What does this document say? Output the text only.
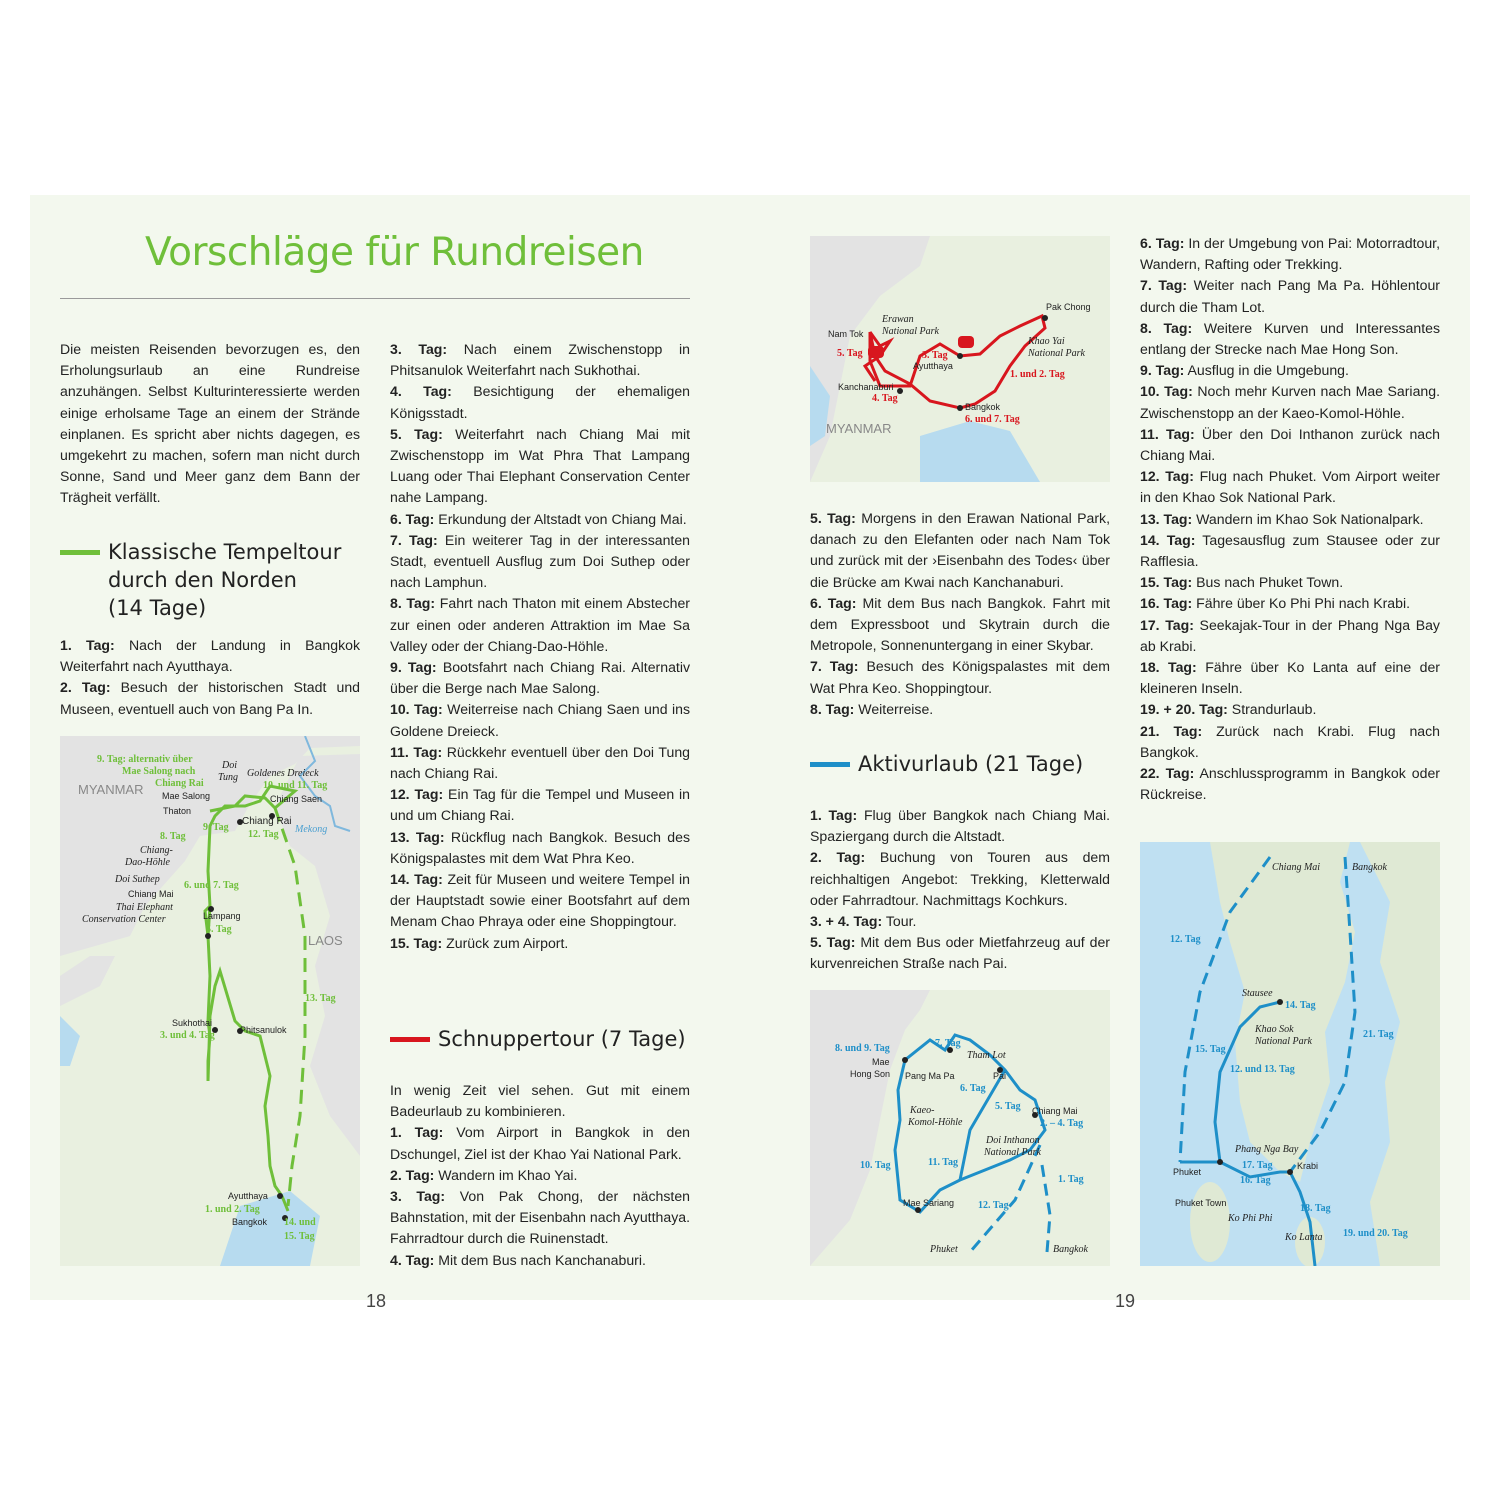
Vorschläge für Rundreisen

Die meisten Reisenden bevorzugen es, den Erholungsurlaub an eine Rundreise anzuhängen. Selbst Kulturinteressierte werden einige erholsame Tage an einem der Strände einplanen. Es spricht aber nichts dagegen, es umgekehrt zu machen, sofern man nicht durch Sonne, Sand und Meer ganz dem Bann der Trägheit verfällt.

Klassische Tempeltour
durch den Norden
(14 Tage)

1. Tag: Nach der Landung in Bangkok Weiterfahrt nach Ayutthaya.

2. Tag: Besuch der historischen Stadt und Museen, eventuell auch von Bang Pa In.

3. Tag: Nach einem Zwischenstopp in Phitsanulok Weiterfahrt nach Sukhothai.

4. Tag: Besichtigung der ehemaligen Königsstadt.

5. Tag: Weiterfahrt nach Chiang Mai mit Zwischenstopp im Wat Phra That Lampang Luang oder Thai Elephant Conservation Center nahe Lampang.

6. Tag: Erkundung der Altstadt von Chiang Mai.

7. Tag: Ein weiterer Tag in der interessanten Stadt, eventuell Ausflug zum Doi Suthep oder nach Lamphun.

8. Tag: Fahrt nach Thaton mit einem Abstecher zur einen oder anderen Attraktion im Mae Sa Valley oder der Chiang-Dao-Höhle.

9. Tag: Bootsfahrt nach Chiang Rai. Alternativ über die Berge nach Mae Salong.

10. Tag: Weiterreise nach Chiang Saen und ins Goldene Dreieck.

11. Tag: Rückkehr eventuell über den Doi Tung nach Chiang Rai.

12. Tag: Ein Tag für die Tempel und Museen in und um Chiang Rai.

13. Tag: Rückflug nach Bangkok. Besuch des Königspalastes mit dem Wat Phra Keo.

14. Tag: Zeit für Museen und weitere Tempel in der Hauptstadt sowie einer Bootsfahrt auf dem Menam Chao Phraya oder eine Shoppingtour.

15. Tag: Zurück zum Airport.

Schnuppertour (7 Tage)

In wenig Zeit viel sehen. Gut mit einem Badeurlaub zu kombinieren.

1. Tag: Vom Airport in Bangkok in den Dschungel, Ziel ist der Khao Yai National Park.

2. Tag: Wandern im Khao Yai.

3. Tag: Von Pak Chong, der nächsten Bahnstation, mit der Eisenbahn nach Ayutthaya. Fahrradtour durch die Ruinenstadt.

4. Tag: Mit dem Bus nach Kanchanaburi.

5. Tag: Morgens in den Erawan National Park, danach zu den Elefanten oder nach Nam Tok und zurück mit der ›Eisenbahn des Todes‹ über die Brücke am Kwai nach Kanchanaburi.

6. Tag: Mit dem Bus nach Bangkok. Fahrt mit dem Expressboot und Skytrain durch die Metropole, Sonnenuntergang in einer Skybar.

7. Tag: Besuch des Königspalastes mit dem Wat Phra Keo. Shoppingtour.

8. Tag: Weiterreise.

Aktivurlaub (21 Tage)

1. Tag: Flug über Bangkok nach Chiang Mai. Spaziergang durch die Altstadt.

2. Tag: Buchung von Touren aus dem reichhaltigen Angebot: Trekking, Kletterwald oder Fahrradtour. Nachmittags Kochkurs.

3. + 4. Tag: Tour.

5. Tag: Mit dem Bus oder Mietfahrzeug auf der kurvenreichen Straße nach Pai.

6. Tag: In der Umgebung von Pai: Motorradtour, Wandern, Rafting oder Trekking.

7. Tag: Weiter nach Pang Ma Pa. Höhlentour durch die Tham Lot.

8. Tag: Weitere Kurven und Interessantes entlang der Strecke nach Mae Hong Son.

9. Tag: Ausflug in die Umgebung.

10. Tag: Noch mehr Kurven nach Mae Sariang. Zwischenstopp an der Kaeo-Komol-Höhle.

11. Tag: Über den Doi Inthanon zurück nach Chiang Mai.

12. Tag: Flug nach Phuket. Vom Airport weiter in den Khao Sok National Park.

13. Tag: Wandern im Khao Sok Nationalpark.

14. Tag: Tagesausflug zum Stausee oder zur Rafflesia.

15. Tag: Bus nach Phuket Town.

16. Tag: Fähre über Ko Phi Phi nach Krabi.

17. Tag: Seekajak-Tour in der Phang Nga Bay ab Krabi.

18. Tag: Fähre über Ko Lanta auf eine der kleineren Inseln.

19. + 20. Tag: Strandurlaub.

21. Tag: Zurück nach Krabi. Flug nach Bangkok.

22. Tag: Anschlussprogramm in Bangkok oder Rückreise.

9. Tag: alternativ über
Mae Salong nach
Chiang Rai
Doi
Tung Goldenes Dreieck
10. und 11. Tag
MYANMAR Mae Salong	Chiang Saen
Thaton
9. Tag
Chiang Rai
12. Tag Mekong
8. Tag
Chiang-
Dao-Höhle
Doi Suthep
6. und 7. Tag
Chiang Mai
Thai Elephant
Conservation Center	Lampang
5. Tag
LAOS
13. Tag
Sukhothai
3. und 4. Tag	Phitsanulok
Ayutthaya
1. und 2. Tag
Bangkok 14. und
15. Tag
Pak Chong
Erawan
National Park
Nam Tok
5. Tag	3. Tag
Ayutthaya
Khao Yai
National Park
1. und 2. Tag
Kanchanaburi
4. Tag
Bangkok
6. und 7. Tag
MYANMAR
8. und 9. Tag
Mae
Hong Son
7. Tag
Tham Lot
Pang Ma Pa	Pai
6. Tag
5. Tag
Kaeo-
Komol-Höhle
Chiang Mai
2. – 4. Tag
Doi Inthanon
National Park
11. Tag
10. Tag
1. Tag
Mae Sariang 12. Tag
Phuket	Bangkok
Chiang Mai	Bangkok
12. Tag
Stausee
14. Tag
Khao Sok
National Park
15. Tag
21. Tag
12. und 13. Tag
Phang Nga Bay
17. Tag	Krabi
Phuket
16. Tag
Phuket Town	18. Tag
Ko Phi Phi
Ko Lanta 19. und 20. Tag
18	19
